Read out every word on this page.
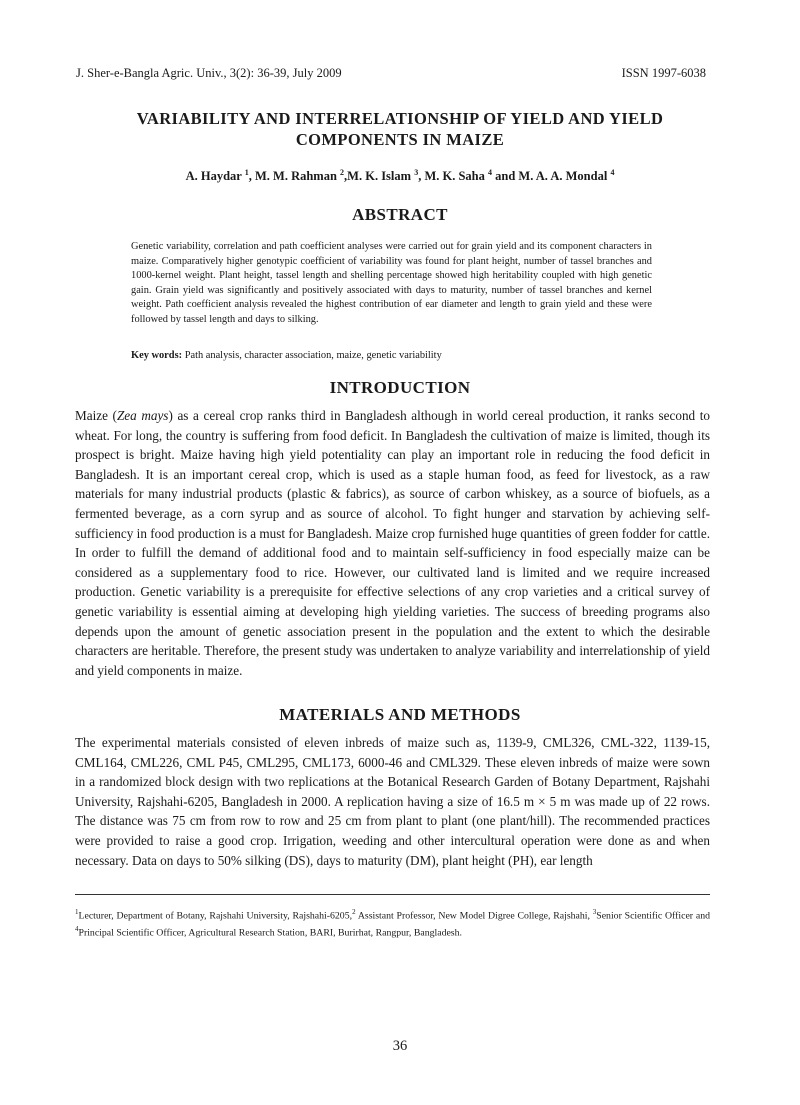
J. Sher-e-Bangla Agric. Univ., 3(2): 36-39, July 2009	ISSN 1997-6038
VARIABILITY AND INTERRELATIONSHIP OF YIELD AND YIELD
COMPONENTS IN MAIZE
A. Haydar $^1$, M. M. Rahman $^2$,M. K. Islam $^3$, M. K. Saha $^4$ and M. A. A. Mondal $^4$
ABSTRACT
Genetic variability, correlation and path coefficient analyses were carried out for grain yield and its component characters in maize. Comparatively higher genotypic coefficient of variability was found for plant height, number of tassel branches and 1000-kernel weight. Plant height, tassel length and shelling percentage showed high heritability coupled with high genetic gain. Grain yield was significantly and positively associated with days to maturity, number of tassel branches and kernel weight. Path coefficient analysis revealed the highest contribution of ear diameter and length to grain yield and these were followed by tassel length and days to silking.
Key words: Path analysis, character association, maize, genetic variability
INTRODUCTION
Maize (Zea mays) as a cereal crop ranks third in Bangladesh although in world cereal production, it ranks second to wheat. For long, the country is suffering from food deficit. In Bangladesh the cultivation of maize is limited, though its prospect is bright. Maize having high yield potentiality can play an important role in reducing the food deficit in Bangladesh. It is an important cereal crop, which is used as a staple human food, as feed for livestock, as a raw materials for many industrial products (plastic & fabrics), as source of carbon whiskey, as a source of biofuels, as a fermented beverage, as a corn syrup and as source of alcohol. To fight hunger and starvation by achieving self-sufficiency in food production is a must for Bangladesh. Maize crop furnished huge quantities of green fodder for cattle. In order to fulfill the demand of additional food and to maintain self-sufficiency in food especially maize can be considered as a supplementary food to rice. However, our cultivated land is limited and we require increased production. Genetic variability is a prerequisite for effective selections of any crop varieties and a critical survey of genetic variability is essential aiming at developing high yielding varieties. The success of breeding programs also depends upon the amount of genetic association present in the population and the extent to which the desirable characters are heritable. Therefore, the present study was undertaken to analyze variability and interrelationship of yield and yield components in maize.
MATERIALS AND METHODS
The experimental materials consisted of eleven inbreds of maize such as, 1139-9, CML326, CML-322, 1139-15, CML164, CML226, CML P45, CML295, CML173, 6000-46 and CML329. These eleven inbreds of maize were sown in a randomized block design with two replications at the Botanical Research Garden of Botany Department, Rajshahi University, Rajshahi-6205, Bangladesh in 2000. A replication having a size of 16.5 m × 5 m was made up of 22 rows. The distance was 75 cm from row to row and 25 cm from plant to plant (one plant/hill). The recommended practices were provided to raise a good crop. Irrigation, weeding and other intercultural operation were done as and when necessary. Data on days to 50% silking (DS), days to maturity (DM), plant height (PH), ear length
$^1$Lecturer, Department of Botany, Rajshahi University, Rajshahi-6205,$^2$ Assistant Professor, New Model Digree College, Rajshahi, $^3$Senior Scientific Officer and $^4$Principal Scientific Officer, Agricultural Research Station, BARI, Burirhat, Rangpur, Bangladesh.
36
